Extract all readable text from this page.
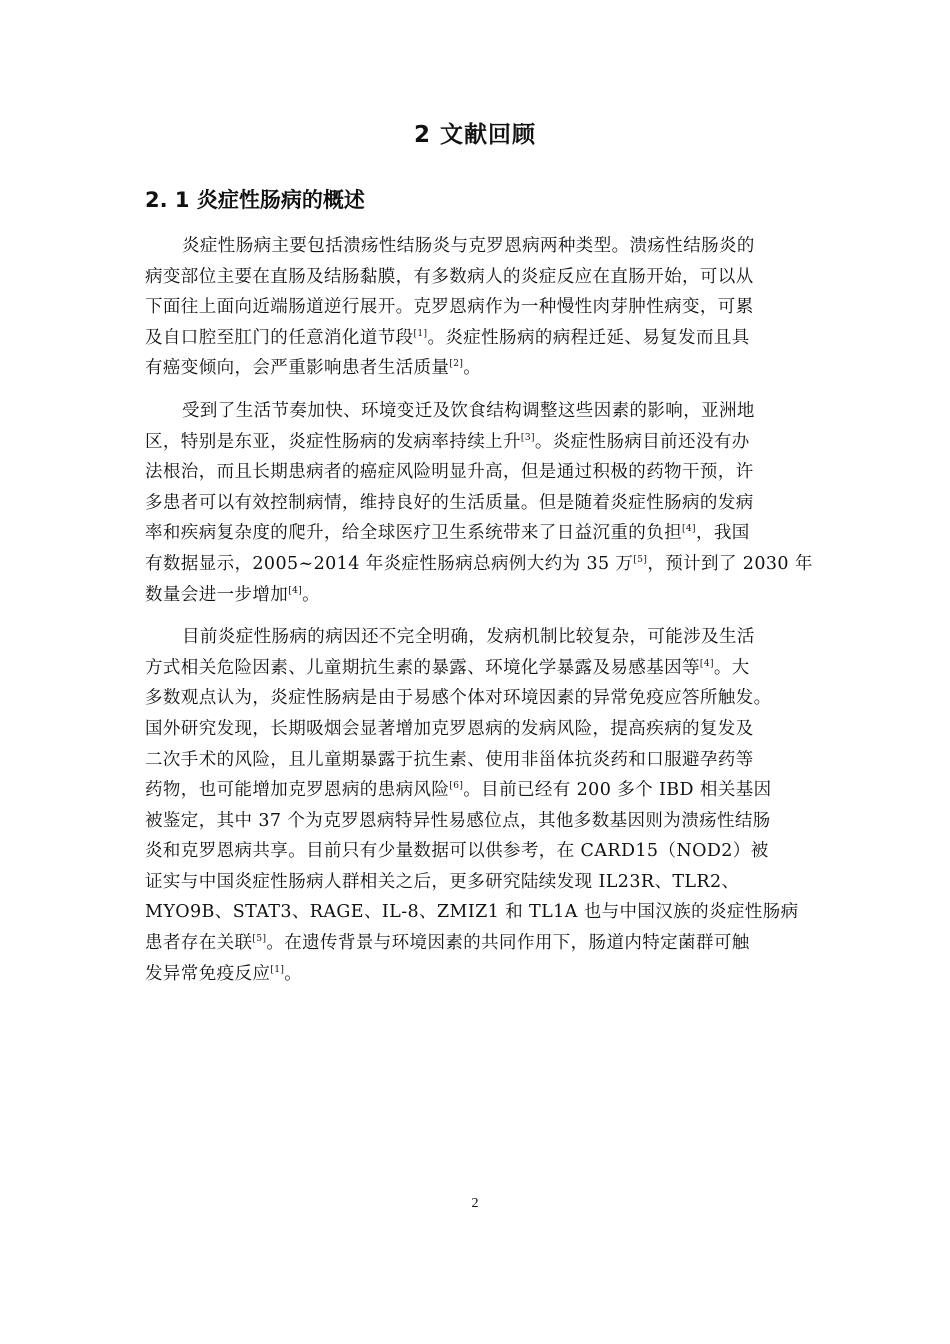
2 文献回顾
2. 1 炎症性肠病的概述
炎症性肠病主要包括溃疡性结肠炎与克罗恩病两种类型。溃疡性结肠炎的
病变部位主要在直肠及结肠黏膜，有多数病人的炎症反应在直肠开始，可以从
下面往上面向近端肠道逆行展开。克罗恩病作为一种慢性肉芽肿性病变，可累
及自口腔至肛门的任意消化道节段[1]。炎症性肠病的病程迁延、易复发而且具
有癌变倾向，会严重影响患者生活质量[2]。
受到了生活节奏加快、环境变迁及饮食结构调整这些因素的影响，亚洲地
区，特别是东亚，炎症性肠病的发病率持续上升[3]。炎症性肠病目前还没有办
法根治，而且长期患病者的癌症风险明显升高，但是通过积极的药物干预，许
多患者可以有效控制病情，维持良好的生活质量。但是随着炎症性肠病的发病
率和疾病复杂度的爬升，给全球医疗卫生系统带来了日益沉重的负担[4]，我国
有数据显示，2005~2014 年炎症性肠病总病例大约为 35 万[5]，预计到了 2030 年
数量会进一步增加[4]。
目前炎症性肠病的病因还不完全明确，发病机制比较复杂，可能涉及生活
方式相关危险因素、儿童期抗生素的暴露、环境化学暴露及易感基因等[4]。大
多数观点认为，炎症性肠病是由于易感个体对环境因素的异常免疫应答所触发。
国外研究发现，长期吸烟会显著增加克罗恩病的发病风险，提高疾病的复发及
二次手术的风险，且儿童期暴露于抗生素、使用非甾体抗炎药和口服避孕药等
药物，也可能增加克罗恩病的患病风险[6]。目前已经有 200 多个 IBD 相关基因
被鉴定，其中 37 个为克罗恩病特异性易感位点，其他多数基因则为溃疡性结肠
炎和克罗恩病共享。目前只有少量数据可以供参考，在 CARD15（NOD2）被
证实与中国炎症性肠病人群相关之后，更多研究陆续发现 IL23R、TLR2、
MYO9B、STAT3、RAGE、IL-8、ZMIZ1 和 TL1A 也与中国汉族的炎症性肠病
患者存在关联[5]。在遗传背景与环境因素的共同作用下，肠道内特定菌群可触
发异常免疫反应[1]。
2
